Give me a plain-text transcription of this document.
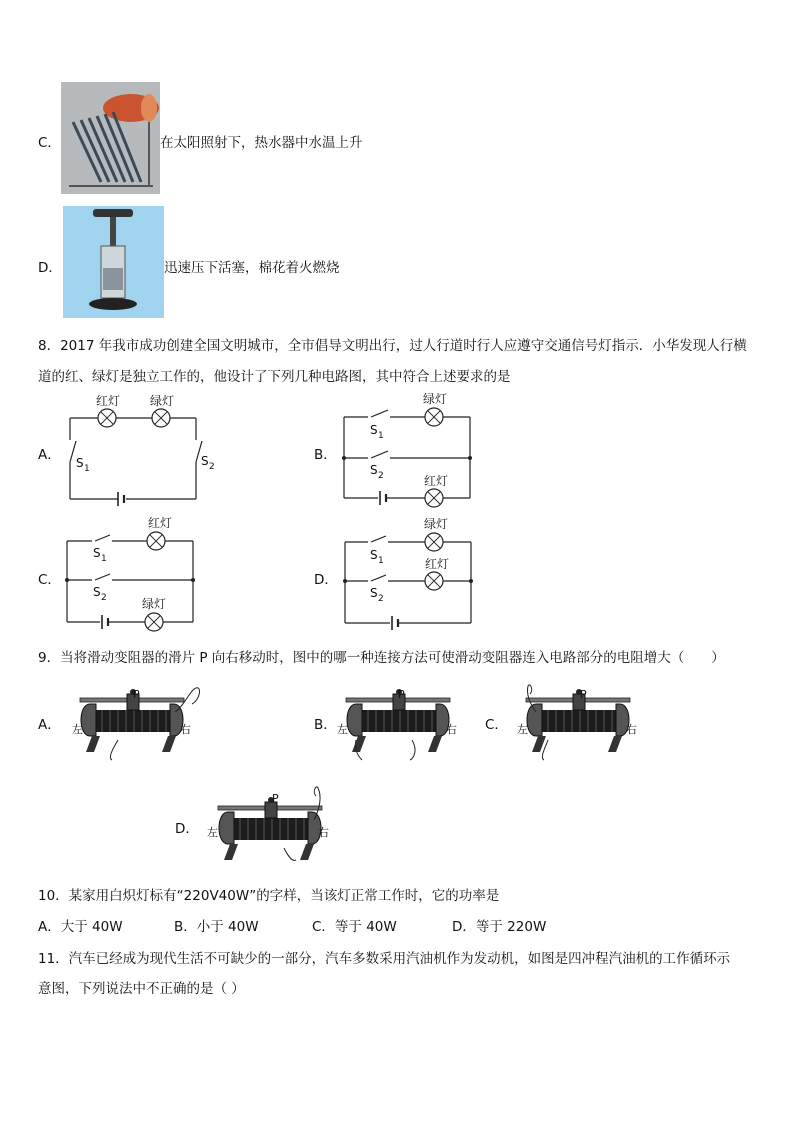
C．	在太阳照射下，热水器中水温上升
D．	迅速压下活塞，棉花着火燃烧
8．2017 年我市成功创建全国文明城市，全市倡导文明出行，过人行道时行人应遵守交通信号灯指示．小华发现人行横
道的红、绿灯是独立工作的，他设计了下列几种电路图，其中符合上述要求的是
红灯 绿灯
S 1
S 2
绿灯
S 1
S 2	红灯
红灯
S 1
S 2	绿灯
绿灯
S 1	红灯
S 2
A．	B．
C．	D．
9．当将滑动变阻器的滑片 P 向右移动时，图中的哪一种连接方法可使滑动变阻器连入电路部分的电阻增大（　　）
P
左	右
P
左	右
P
左	右
P
左	右
A．	B．	C．
D．
10．某家用白炽灯标有“220V40W”的字样，当该灯正常工作时，它的功率是
A．大于 40W	B．小于 40W	C．等于 40W	D．等于 220W
11．汽车已经成为现代生活不可缺少的一部分，汽车多数采用汽油机作为发动机，如图是四冲程汽油机的工作循环示
意图，下列说法中不正确的是（ ）
